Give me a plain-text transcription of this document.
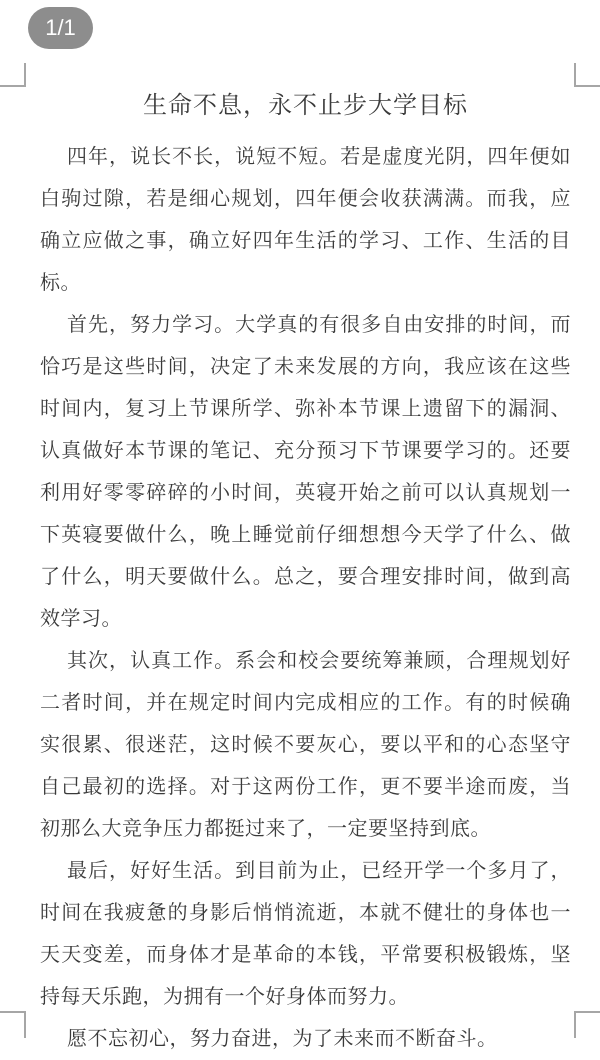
1/1
生命不息，永不止步大学目标

四年，说长不长，说短不短。若是虚度光阴，四年便如白驹过隙，若是细心规划，四年便会收获满满。而我，应确立应做之事，确立好四年生活的学习、工作、生活的目标。

首先，努力学习。大学真的有很多自由安排的时间，而恰巧是这些时间，决定了未来发展的方向，我应该在这些时间内，复习上节课所学、弥补本节课上遗留下的漏洞、认真做好本节课的笔记、充分预习下节课要学习的。还要利用好零零碎碎的小时间，英寝开始之前可以认真规划一下英寝要做什么，晚上睡觉前仔细想想今天学了什么、做了什么，明天要做什么。总之，要合理安排时间，做到高效学习。

其次，认真工作。系会和校会要统筹兼顾，合理规划好二者时间，并在规定时间内完成相应的工作。有的时候确实很累、很迷茫，这时候不要灰心，要以平和的心态坚守自己最初的选择。对于这两份工作，更不要半途而废，当初那么大竞争压力都挺过来了，一定要坚持到底。

最后，好好生活。到目前为止，已经开学一个多月了，时间在我疲惫的身影后悄悄流逝，本就不健壮的身体也一天天变差，而身体才是革命的本钱，平常要积极锻炼，坚持每天乐跑，为拥有一个好身体而努力。

愿不忘初心，努力奋进，为了未来而不断奋斗。
